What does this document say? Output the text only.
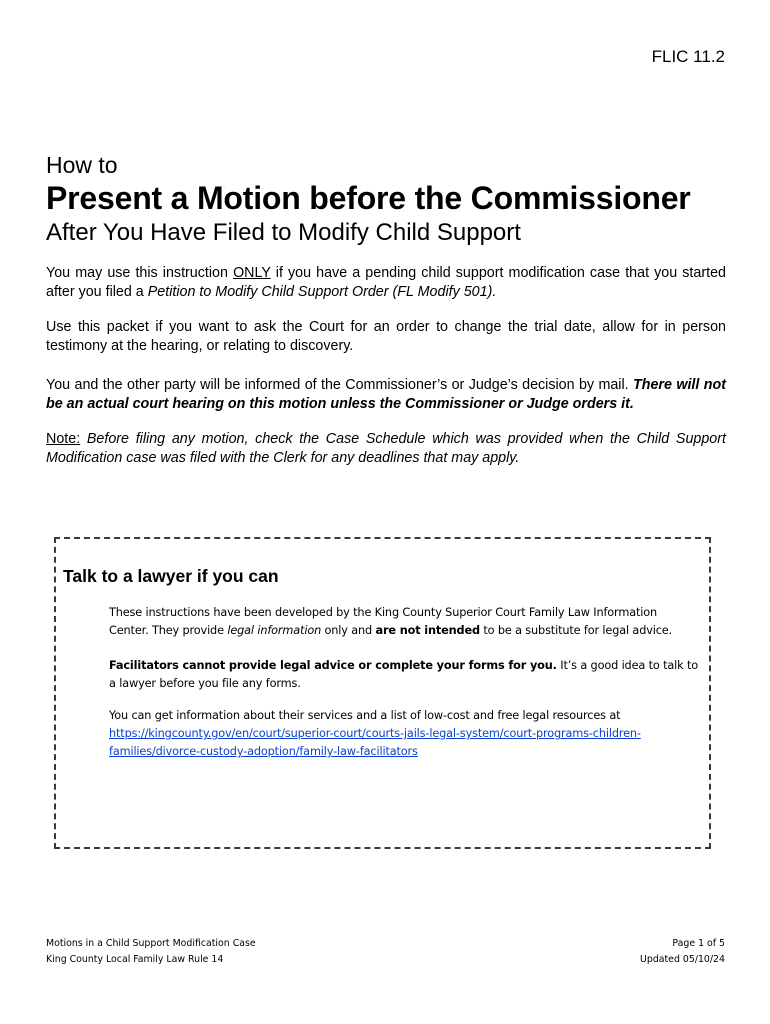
FLIC 11.2
How to
Present a Motion before the Commissioner
After You Have Filed to Modify Child Support
You may use this instruction ONLY if you have a pending child support modification case that you started after you filed a Petition to Modify Child Support Order (FL Modify 501).
Use this packet if you want to ask the Court for an order to change the trial date, allow for in person testimony at the hearing, or relating to discovery.
You and the other party will be informed of the Commissioner’s or Judge’s decision by mail. There will not be an actual court hearing on this motion unless the Commissioner or Judge orders it.
Note: Before filing any motion, check the Case Schedule which was provided when the Child Support Modification case was filed with the Clerk for any deadlines that may apply.
Talk to a lawyer if you can
These instructions have been developed by the King County Superior Court Family Law Information Center. They provide legal information only and are not intended to be a substitute for legal advice.
Facilitators cannot provide legal advice or complete your forms for you. It’s a good idea to talk to a lawyer before you file any forms.
You can get information about their services and a list of low-cost and free legal resources at
https://kingcounty.gov/en/court/superior-court/courts-jails-legal-system/court-programs-children-families/divorce-custody-adoption/family-law-facilitators
Motions in a Child Support Modification Case
King County Local Family Law Rule 14
Page 1 of 5
Updated 05/10/24
